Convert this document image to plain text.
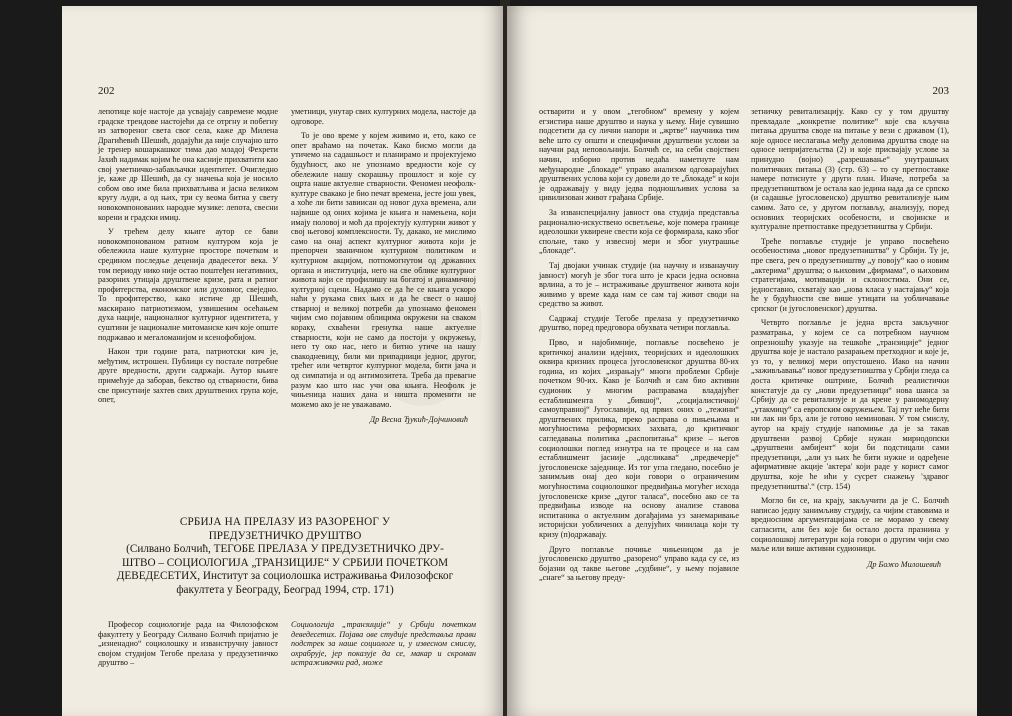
202

лепотице које настоје да усвајају савремене модне градске трендове настојећи да се отргну и побегну из затвореног света свог села, каже др Милена Драгићевић Шешић, додајући да није случајно што је тренер кошаркашког тима дао младој Фехрети Јахић надимак којим ће она касније прихватити као свој уметничко-забављачки идентитет. Очигледно је, каже др Шешић, да су значења која је носило собом ово име била прихватљива и јасна великом кругу људи, а од њих, три су веома битна у свету новокомпонованих народне музике: лепота, свесни корени и градски имиџ.

У трећем делу књиге аутор се бави новокомпонованом ратном културом која је обележила наше културне просторе почетком и средином последње деценија двадесетог века. У том периоду нико није остао поштеђен негативних, разорних утицаја друштвене кризе, рата и ратног профитерства, економског или духовног, свеједно. То профитерство, како истиче др Шешић, маскирано патриотизмом, узвишеним осећањем духа нације, националног културног идентитета, у суштини је националне митоманске кич које опште подржавао и мегаломанијом и ксенофобијом.

Након три године рата, патриотски кич је, међутим, истрошен. Публици су постале потребне друге вредности, други садржаји. Аутор књиге примећује да заборав, бекство од стварности, бива све присутније захтев свих друштвених група које, опет,

уметници, унутар свих културних модела, настоје да одговоре.

То је ово време у којем живимо и, ето, како се опет враћамо на почетак. Како бисмо могли да утичемо на садашњост и планирамо и пројектујемо будућност, ако не упознамо вредности које су обележиле нашу скорашњу прошлост и које су оцрта наше актуелне стварности. Феномен неофолк-културе свакако је био печат времена, јесте још увек, а хоће ли бити завиисан од новог духа времена, али највише од оних којима је књига и намењена, који имају половој и моћ да пројектују културни живот у свој његовој комплексности. Ту, дакако, не мислимо само на онај аспект културног живота који је препорчен званичном културном политиком и културном акцијом, потпомогнутом од државних органа и институција, него на све облике културног живота који се профилишу на богатој и динамичној културној сцени. Надамо се да ће се књига ускоро наћи у рукама свих њих и да ће свест о нашој стварној и великој потреби да упознамо феномен чијим смо појавним облицима окружени на сваком кораку, схваћени гренутка наше актуелне стварности, који не само да постоји у окружењу, него ту око нас, него и битно утиче на нашу свакодневицу, били ми припадници једног, другог, трећег или четвртог културног модела, бити јача и од симпатија и од антимозитета. Треба да превагне разум као што нас учи ова књига. Неофолк је чињеница наших дана и ништа променити не можемо ако је не уважавамо.

Др Весна Ђукић-Дојчиновић

СРБИЈА НА ПРЕЛАЗУ ИЗ РАЗОРЕНОГ У
ПРЕДУЗЕТНИЧКО ДРУШТВО
(Силвано Болчић, ТЕГОБЕ ПРЕЛАЗА У ПРЕДУЗЕТНИЧКО ДРУ-
ШТВО – СОЦИОЛОГИЈА „ТРАНЗИЦИЈЕ“ У СРБИЈИ ПОЧЕТКОМ
ДЕВЕДЕСЕТИХ, Институт за социолошка истраживања Филозофског
факултета у Београду, Београд 1994, стр. 171)

Професор социологије рада на Филозофском факултету у Београду Силвано Болчић пријатно је „изненадио“ социолошку и изванстручну јавност својом студијом Тегобе прелаза у предузетничко друштво –

Социологија „транзиције“ у Србији почетком деведесетих. Појава ове студије представља прави подстрек за наше социологе и, у извесном смислу, охрабрује, јер показује да се, макар и скроман истраживачки рад, може

203

остварити и у овом „тегобном“ времену у којем егзистира наше друштво и наука у њему. Није сувишно подсетити да су лични напори и „жртве“ научника тим веће што су општи и специфични друштвени услови за научни рад неповољнији. Болчић се, на себи својствен начин, изборио против недаћа наметнуте нам међународне „блокаде“ управо анализом одговарајућих друштвених услова који су довели до те „блокаде“ и који је одражавају у виду једва подношљивих услова за цивилизован живот грађана Србије.

За изванспецијалну јавност ова студија представља рационално-искуствено осветљење, које помера границе идеолошки уквирене свести која се формирала, како због спољне, тако у извесној мери и због унутрашње „блокаде“.

Тај двојаки учинак студије (на научну и изванаучну јавност) могућ је због тога што је краси једна основна врлина, а то је – истраживање друштвеног живота који живимо у време када нам се сам тај живот своди на средство за живот.

Садржај студије Тегобе прелаза у предузетничко друштво, поред предговора обухвата четири поглавља.

Прво, и најобимније, поглавље посвећено је критичкој анализи идејних, теоријских и идеолошких оквира кризних процеса југословенског друштва 80-их година, из којих „израњају“ многи проблеми Србије почетком 90-их. Како је Болчић и сам био активни судионик у многим расправама владајућег естаблишмента у „бившој“, „социјалистичкој/самоуправној“ Југославији, од првих оних о „тежини“ друштвених прилика, преко расправа о пињењима и могућностима реформских захвата, до критичког сагледавања политика „распопитања“ кризе – његов социолошки поглед изнутра на те процесе и на сам естаблишмент јасније „одсликава“ „предвечерје“ југословенске заједнице. Из тог угла гледано, посебно је занимљив онај део који говори о ограниченим могућностима социолошког предвиђања могућег исхода југословенске кризе „дугог таласа“, посебно ако се та предвиђања изводе на основу анализе ставова испитаника о актуелним догађајима уз занемаривање историјски уобличених а делујућих чинилаца који ту кризу (п)одржавају.

Друго поглавље почиње чињеницом да је југословенско друштво „разорено“ управо када су се, из бојазни од такве његове „судбине“, у њему појавиле „снаге“ за његову преду-

зетничку ревитализацију. Како су у том друштву превладале „конкретне политике“ које сва кључна питања друштва своде на питање у вези с државом (1), које односе неслагања међу деловима друштва своде на односе непријатељства (2) и које присвајају услове за принудно (војно) „разрешавање“ унутрашњих политичких питања (3) (стр. 63) – то су претпоставке намере потиснуте у други план. Иначе, потреба за предузетништвом је остала као једина нада да се српско (и садашње југословенско) друштво ревитализује њим самим. Зато се, у другом поглављу, анализују, поред основних теоријских особености, и својинске и културалне претпоставке предузетништва у Србији.

Треће поглавље студије је управо посвећено особеностима „новог предузетништва“ у Србији. Ту је, пре свега, реч о предузетништву „у повоју“ као о новим „актерима“ друштва; о њиховим „фирмама“, о њиховим стратегијама, мотивацији и склоностима. Они се, једноставно, схватају као „нова класа у настајању“ која ће у будућности све више утицати на уобличавање српског (и југословенског) друштва.

Четврто поглавље је једна врста закључног разматрања, у којем се са потребном научном опрезношћу указује на тешкоће „транзиције“ једног друштва које је настало разарањем претходног и које је, уз то, у великој мери опустошено. Иако на начин „заживљавања“ новог предузетништва у Србији гледа са доста критичке оштрине, Болчић реалистички констатује да су „нови предузетници“ нова шанса за Србију да се ревитализује и да крене у раномодерну „утакмицу“ са европским окружењем. Тај пут неће бити ни лак ни брз, али је готово неминован. У том смислу, аутор на крају студије напомиње да је за такав друштвени развој Србије нужан мирнодопски „друштвени амбијент“ који би подстицали сами предузетници, „али уз њих ће бити нужне и одређене афирмативне акције 'актера' који раде у корист самог друштва, које ће ићи у сусрет снажењу 'здравог предузетништва'.“ (стр. 154)

Могло би се, на крају, закључити да је С. Болчић написао једну занимљиву студију, са чијим ставовима и вредносним аргументацијама се не морамо у свему сагласити, али без које би остало доста празнина у социолошкој литератури која говори о другим чији смо маље или више активни судионици.

Др Божо Милошевић
